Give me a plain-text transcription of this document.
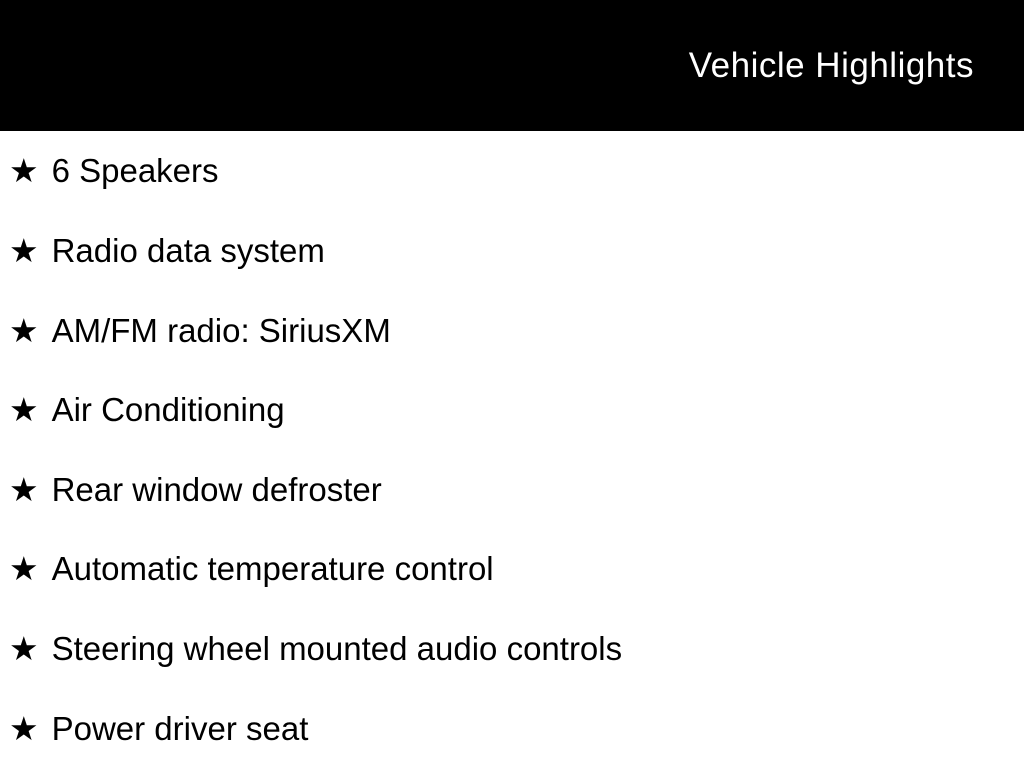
Vehicle Highlights
★ 6 Speakers
★ Radio data system
★ AM/FM radio: SiriusXM
★ Air Conditioning
★ Rear window defroster
★ Automatic temperature control
★ Steering wheel mounted audio controls
★ Power driver seat
